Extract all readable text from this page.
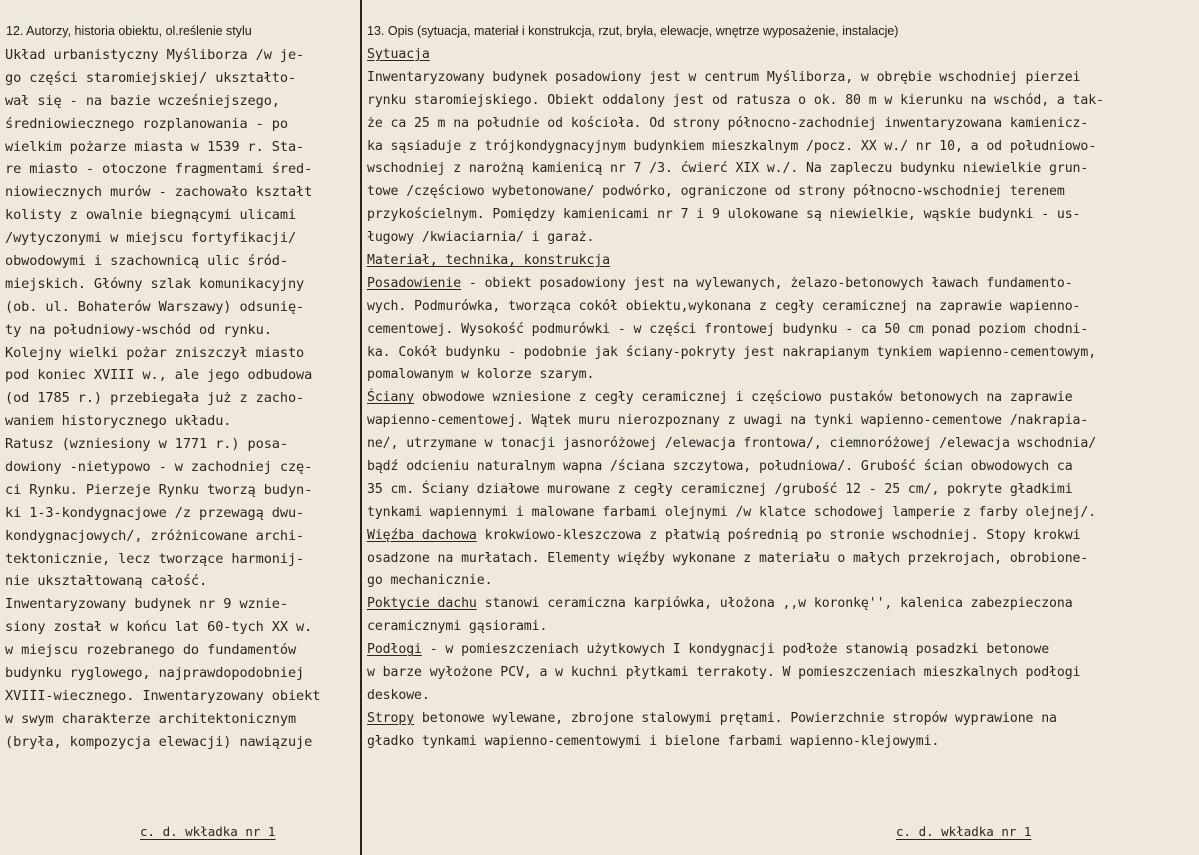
12. Autorzy, historia obiektu, ol.reślenie stylu	13. Opis (sytuacja, materiał i konstrukcja, rzut, bryła, elewacje, wnętrze wyposażenie, instalacje)
Układ urbanistyczny Myśliborza /w je-
go części staromiejskiej/ ukształto-
wał się - na bazie wcześniejszego,
średniowiecznego rozplanowania - po
wielkim pożarze miasta w 1539 r. Sta-
re miasto - otoczone fragmentami śred-
niowiecznych murów - zachowało kształt
kolisty z owalnie biegnącymi ulicami
/wytyczonymi w miejscu fortyfikacji/
obwodowymi i szachownicą ulic śród-
miejskich. Główny szlak komunikacyjny
(ob. ul. Bohaterów Warszawy) odsunię-
ty na południowy-wschód od rynku.
Kolejny wielki pożar zniszczył miasto
pod koniec XVIII w., ale jego odbudowa
(od 1785 r.) przebiegała już z zacho-
waniem historycznego układu.
Ratusz (wzniesiony w 1771 r.) posa-
dowiony -nietypowo - w zachodniej czę-
ci Rynku. Pierzeje Rynku tworzą budyn-
ki 1-3-kondygnacjowe /z przewagą dwu-
kondygnacjowych/, zróżnicowane archi-
tektonicznie, lecz tworzące harmonij-
nie ukształtowaną całość.
Inwentaryzowany budynek nr 9 wznie-
siony został w końcu lat 60-tych XX w.
w miejscu rozebranego do fundamentów
budynku ryglowego, najprawdopodobniej
XVIII-wiecznego. Inwentaryzowany obiekt
w swym charakterze architektonicznym
(bryła, kompozycja elewacji) nawiązuje
Sytuacja
Inwentaryzowany budynek posadowiony jest w centrum Myśliborza, w obrębie wschodniej pierzei
rynku staromiejskiego. Obiekt oddalony jest od ratusza o ok. 80 m w kierunku na wschód, a tak-
że ca 25 m na południe od kościoła. Od strony północno-zachodniej inwentaryzowana kamienicz-
ka sąsiaduje z trójkondygnacyjnym budynkiem mieszkalnym /pocz. XX w./ nr 10, a od południowo-
wschodniej z narożną kamienicą nr 7 /3. ćwierć XIX w./. Na zapleczu budynku niewielkie grun-
towe /częściowo wybetonowane/ podwórko, ograniczone od strony północno-wschodniej terenem
przykościelnym. Pomiędzy kamienicami nr 7 i 9 ulokowane są niewielkie, wąskie budynki - us-
ługowy /kwiaciarnia/ i garaż.
Materiał, technika, konstrukcja
Posadowienie - obiekt posadowiony jest na wylewanych, żelazo-betonowych ławach fundamento-
wych. Podmurówka, tworząca cokół obiektu,wykonana z cegły ceramicznej na zaprawie wapienno-
cementowej. Wysokość podmurówki - w części frontowej budynku - ca 50 cm ponad poziom chodni-
ka. Cokół budynku - podobnie jak ściany-pokryty jest nakrapianym tynkiem wapienno-cementowym,
pomalowanym w kolorze szarym.
Ściany obwodowe wzniesione z cegły ceramicznej i częściowo pustaków betonowych na zaprawie
wapienno-cementowej. Wątek muru nierozpoznany z uwagi na tynki wapienno-cementowe /nakrapia-
ne/, utrzymane w tonacji jasnoróżowej /elewacja frontowa/, ciemnoróżowej /elewacja wschodnia/
bądź odcieniu naturalnym wapna /ściana szczytowa, południowa/. Grubość ścian obwodowych ca
35 cm. Ściany działowe murowane z cegły ceramicznej /grubość 12 - 25 cm/, pokryte gładkimi
tynkami wapiennymi i malowane farbami olejnymi /w klatce schodowej lamperie z farby olejnej/.
Więźba dachowa krokwiowo-kleszczowa z płatwią pośrednią po stronie wschodniej. Stopy krokwi
osadzone na murłatach. Elementy więźby wykonane z materiału o małych przekrojach, obrobione-
go mechanicznie.
Poktycie dachu stanowi ceramiczna karpiówka, ułożona ,,w koronkę'', kalenica zabezpieczona
ceramicznymi gąsiorami.
Podłogi - w pomieszczeniach użytkowych I kondygnacji podłoże stanowią posadzki betonowe
w barze wyłożone PCV, a w kuchni płytkami terrakoty. W pomieszczeniach mieszkalnych podłogi
deskowe.
Stropy betonowe wylewane, zbrojone stalowymi prętami. Powierzchnie stropów wyprawione na
gładko tynkami wapienno-cementowymi i bielone farbami wapienno-klejowymi.
c. d. wkładka nr 1	c. d. wkładka nr 1
